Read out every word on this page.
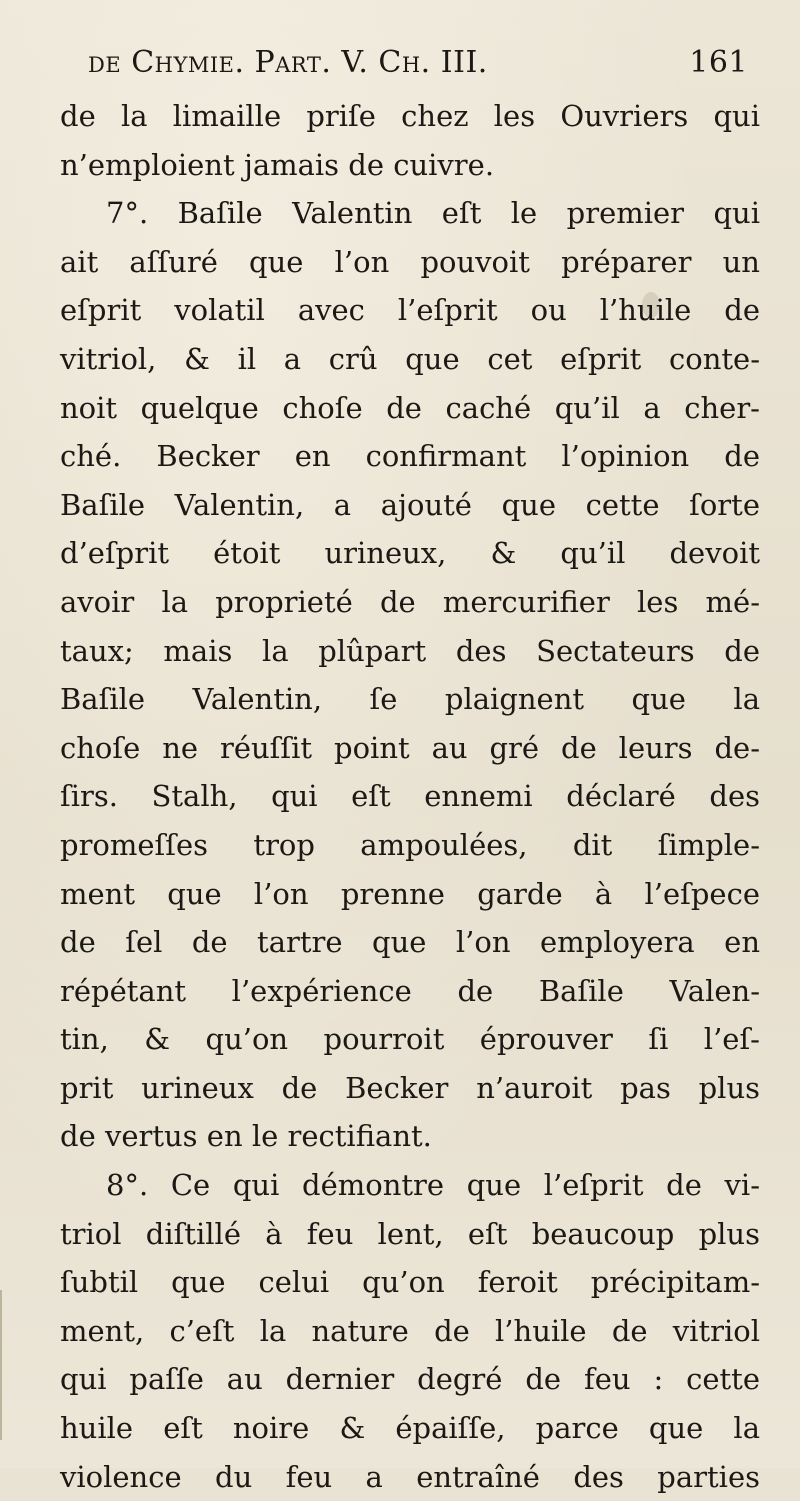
de Chymie. Part. V. Ch. III.	161
de la limaille priſe chez les Ouvriers qui
n’emploient jamais de cuivre.
7°. Baſile Valentin eſt le premier qui
ait aſſuré que l’on pouvoit préparer un
eſprit volatil avec l’eſprit ou l’huile de
vitriol, & il a crû que cet eſprit conte-
noit quelque choſe de caché qu’il a cher-
ché. Becker en confirmant l’opinion de
Baſile Valentin, a ajouté que cette ſorte
d’eſprit étoit urineux, & qu’il devoit
avoir la proprieté de mercurifier les mé-
taux; mais la plûpart des Sectateurs de
Baſile Valentin, ſe plaignent que la
choſe ne réuſſit point au gré de leurs de-
ſirs. Stalh, qui eſt ennemi déclaré des
promeſſes trop ampoulées, dit ſimple-
ment que l’on prenne garde à l’eſpece
de ſel de tartre que l’on employera en
répétant l’expérience de Baſile Valen-
tin, & qu’on pourroit éprouver ſi l’eſ-
prit urineux de Becker n’auroit pas plus
de vertus en le rectifiant.
8°. Ce qui démontre que l’eſprit de vi-
triol diſtillé à feu lent, eſt beaucoup plus
ſubtil que celui qu’on feroit précipitam-
ment, c’eſt la nature de l’huile de vitriol
qui paſſe au dernier degré de feu : cette
huile eſt noire & épaiſſe, parce que la
violence du feu a entraîné des parties
